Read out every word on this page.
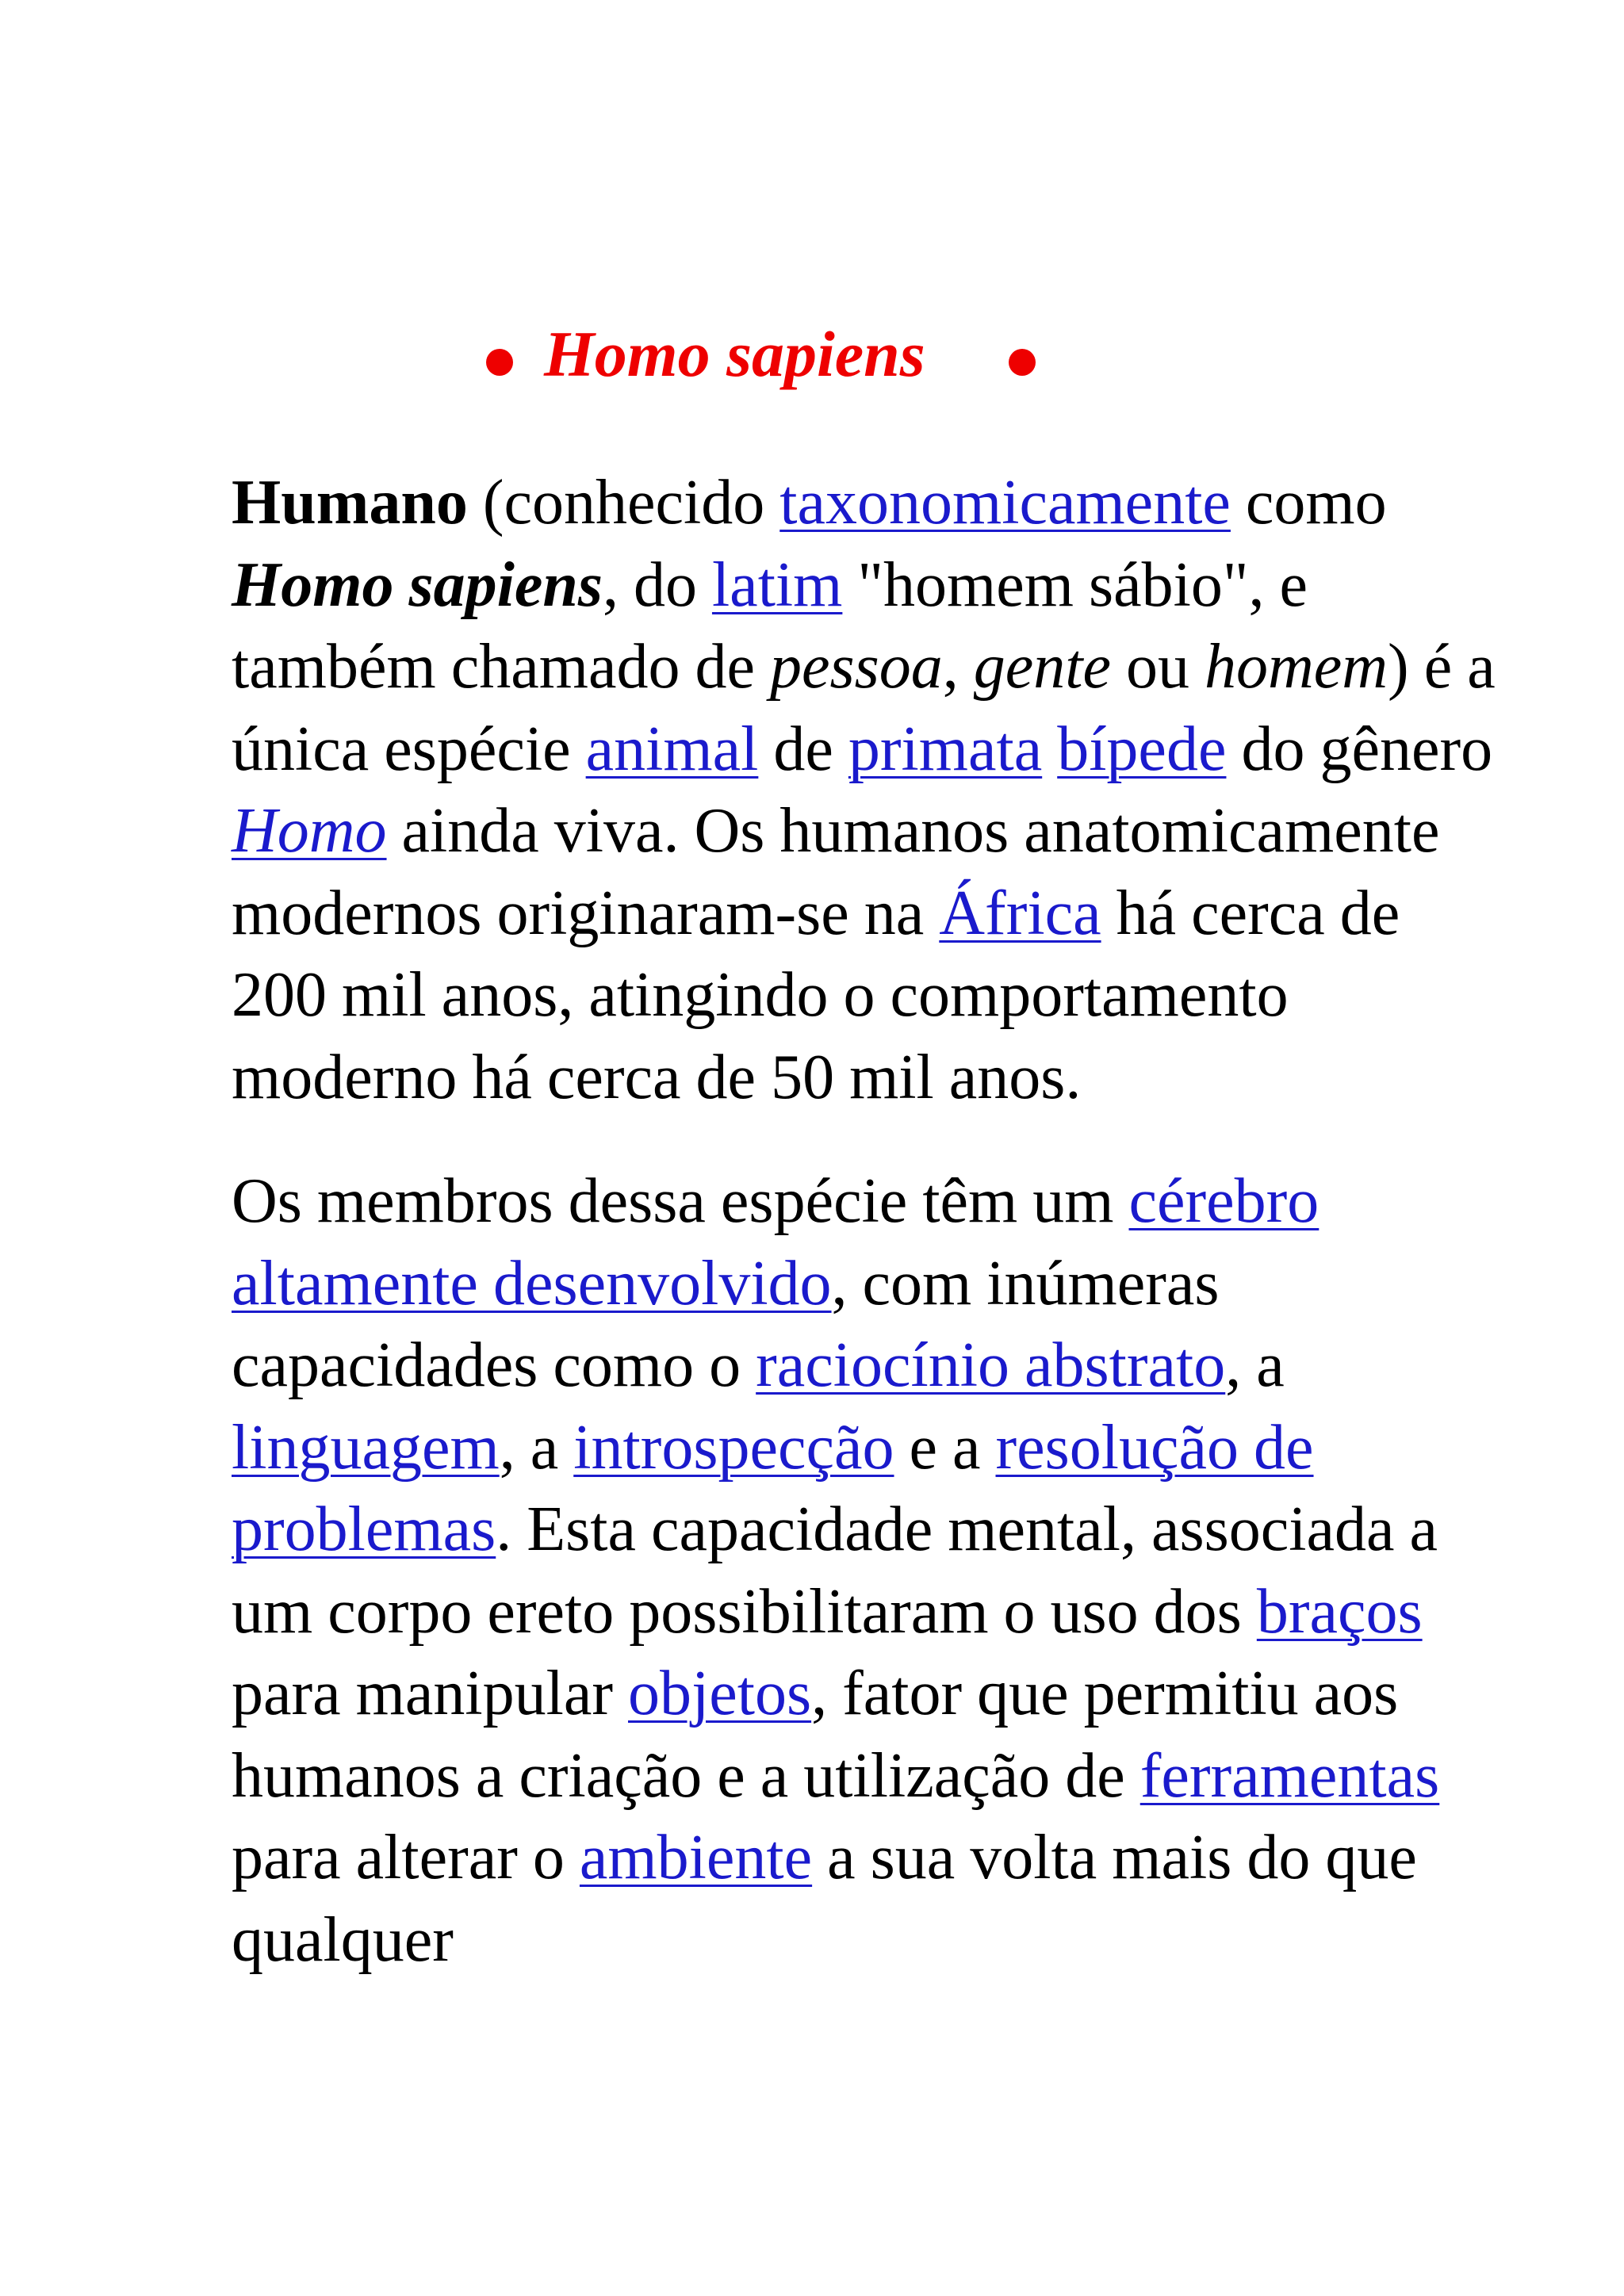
Homo sapiens

Humano (conhecido taxonomicamente como Homo sapiens, do latim "homem sábio", e também chamado de pessoa, gente ou homem) é a única espécie animal de primata bípede do gênero Homo ainda viva. Os humanos anatomicamente modernos originaram-se na África há cerca de 200 mil anos, atingindo o comportamento moderno há cerca de 50 mil anos.

Os membros dessa espécie têm um cérebro altamente desenvolvido, com inúmeras capacidades como o raciocínio abstrato, a linguagem, a introspecção e a resolução de problemas. Esta capacidade mental, associada a um corpo ereto possibilitaram o uso dos braços para manipular objetos, fator que permitiu aos humanos a criação e a utilização de ferramentas para alterar o ambiente a sua volta mais do que qualquer
